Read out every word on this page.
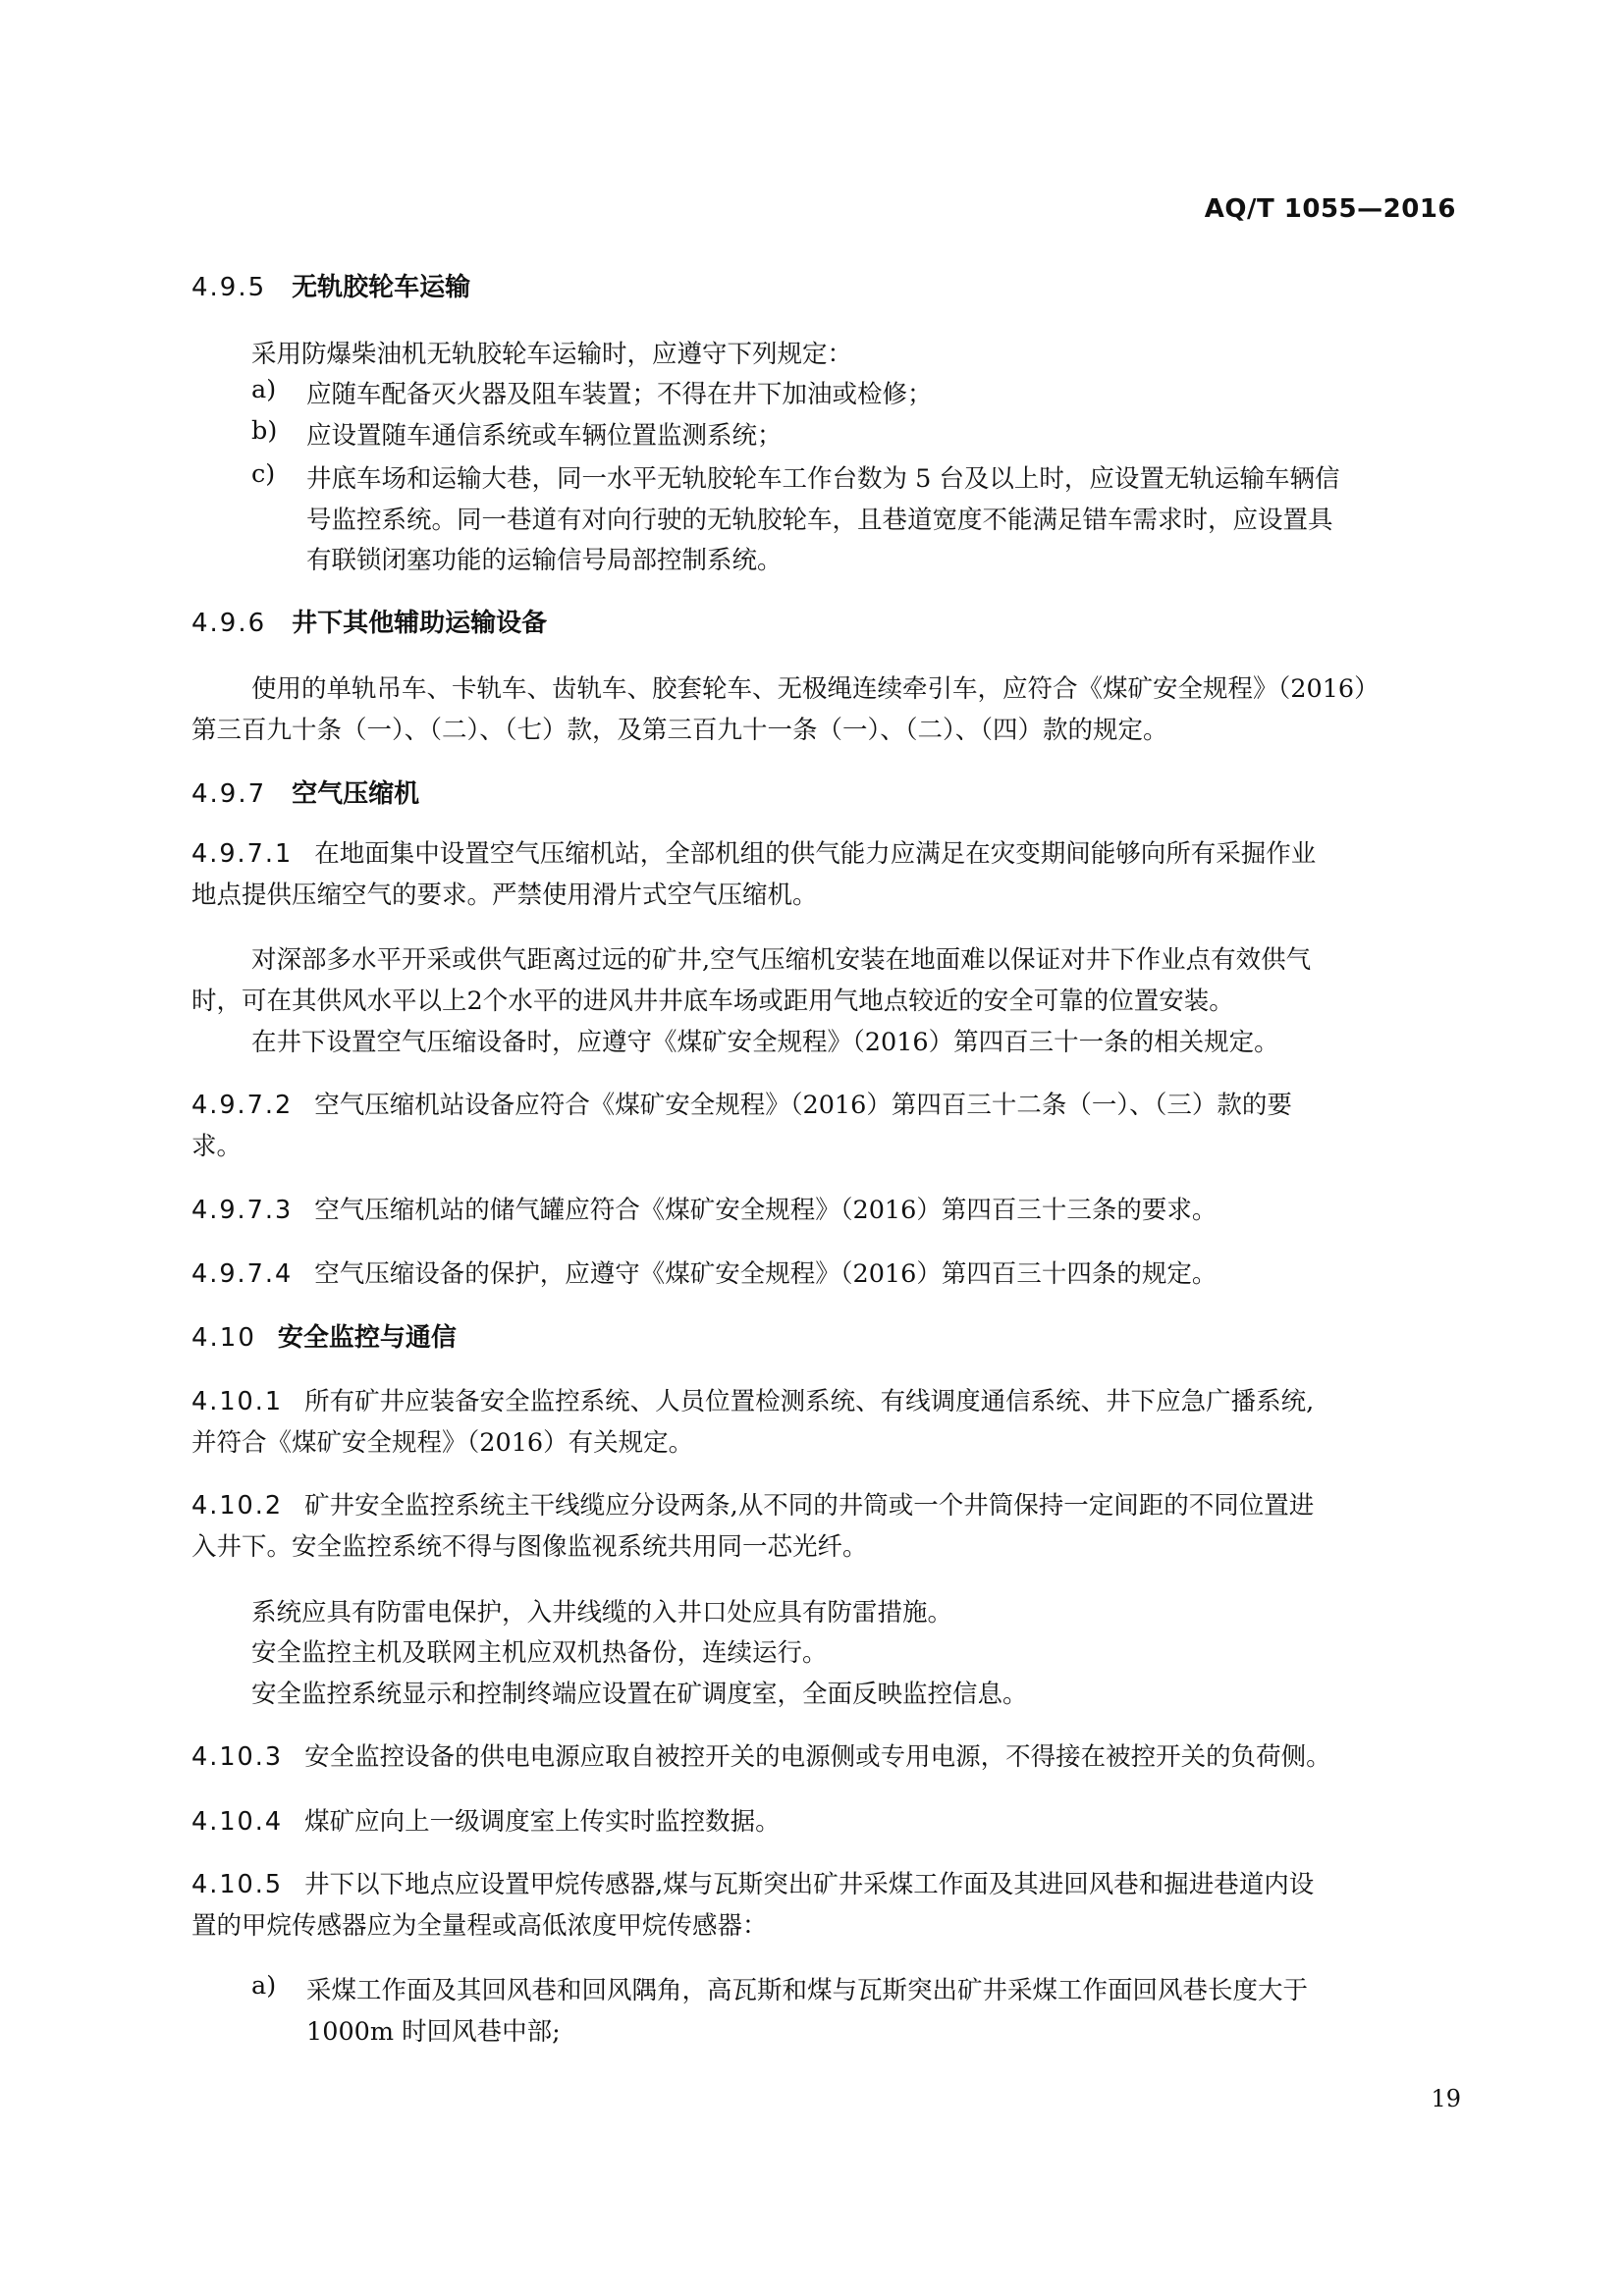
AQ/T 1055—2016
4.9.5 无轨胶轮车运输
采用防爆柴油机无轨胶轮车运输时，应遵守下列规定：
a) 应随车配备灭火器及阻车装置；不得在井下加油或检修；
b) 应设置随车通信系统或车辆位置监测系统；
c) 井底车场和运输大巷，同一水平无轨胶轮车工作台数为 5 台及以上时，应设置无轨运输车辆信
号监控系统。同一巷道有对向行驶的无轨胶轮车，且巷道宽度不能满足错车需求时，应设置具
有联锁闭塞功能的运输信号局部控制系统。
4.9.6 井下其他辅助运输设备
使用的单轨吊车、卡轨车、齿轨车、胶套轮车、无极绳连续牵引车，应符合《煤矿安全规程》（2016）
第三百九十条（一）、（二）、（七）款，及第三百九十一条（一）、（二）、（四）款的规定。
4.9.7 空气压缩机
4.9.7.1 在地面集中设置空气压缩机站，全部机组的供气能力应满足在灾变期间能够向所有采掘作业
地点提供压缩空气的要求。严禁使用滑片式空气压缩机。
对深部多水平开采或供气距离过远的矿井,空气压缩机安装在地面难以保证对井下作业点有效供气
时，可在其供风水平以上2个水平的进风井井底车场或距用气地点较近的安全可靠的位置安装。
在井下设置空气压缩设备时，应遵守《煤矿安全规程》（2016）第四百三十一条的相关规定。
4.9.7.2 空气压缩机站设备应符合《煤矿安全规程》（2016）第四百三十二条（一）、（三）款的要
求。
4.9.7.3 空气压缩机站的储气罐应符合《煤矿安全规程》（2016）第四百三十三条的要求。
4.9.7.4 空气压缩设备的保护，应遵守《煤矿安全规程》（2016）第四百三十四条的规定。
4.10 安全监控与通信
4.10.1 所有矿井应装备安全监控系统、人员位置检测系统、有线调度通信系统、井下应急广播系统,
并符合《煤矿安全规程》（2016）有关规定。
4.10.2 矿井安全监控系统主干线缆应分设两条,从不同的井筒或一个井筒保持一定间距的不同位置进
入井下。安全监控系统不得与图像监视系统共用同一芯光纤。
系统应具有防雷电保护，入井线缆的入井口处应具有防雷措施。
安全监控主机及联网主机应双机热备份，连续运行。
安全监控系统显示和控制终端应设置在矿调度室，全面反映监控信息。
4.10.3 安全监控设备的供电电源应取自被控开关的电源侧或专用电源，不得接在被控开关的负荷侧。
4.10.4 煤矿应向上一级调度室上传实时监控数据。
4.10.5 井下以下地点应设置甲烷传感器,煤与瓦斯突出矿井采煤工作面及其进回风巷和掘进巷道内设
置的甲烷传感器应为全量程或高低浓度甲烷传感器：
a) 采煤工作面及其回风巷和回风隅角，高瓦斯和煤与瓦斯突出矿井采煤工作面回风巷长度大于
1000m 时回风巷中部;
19
